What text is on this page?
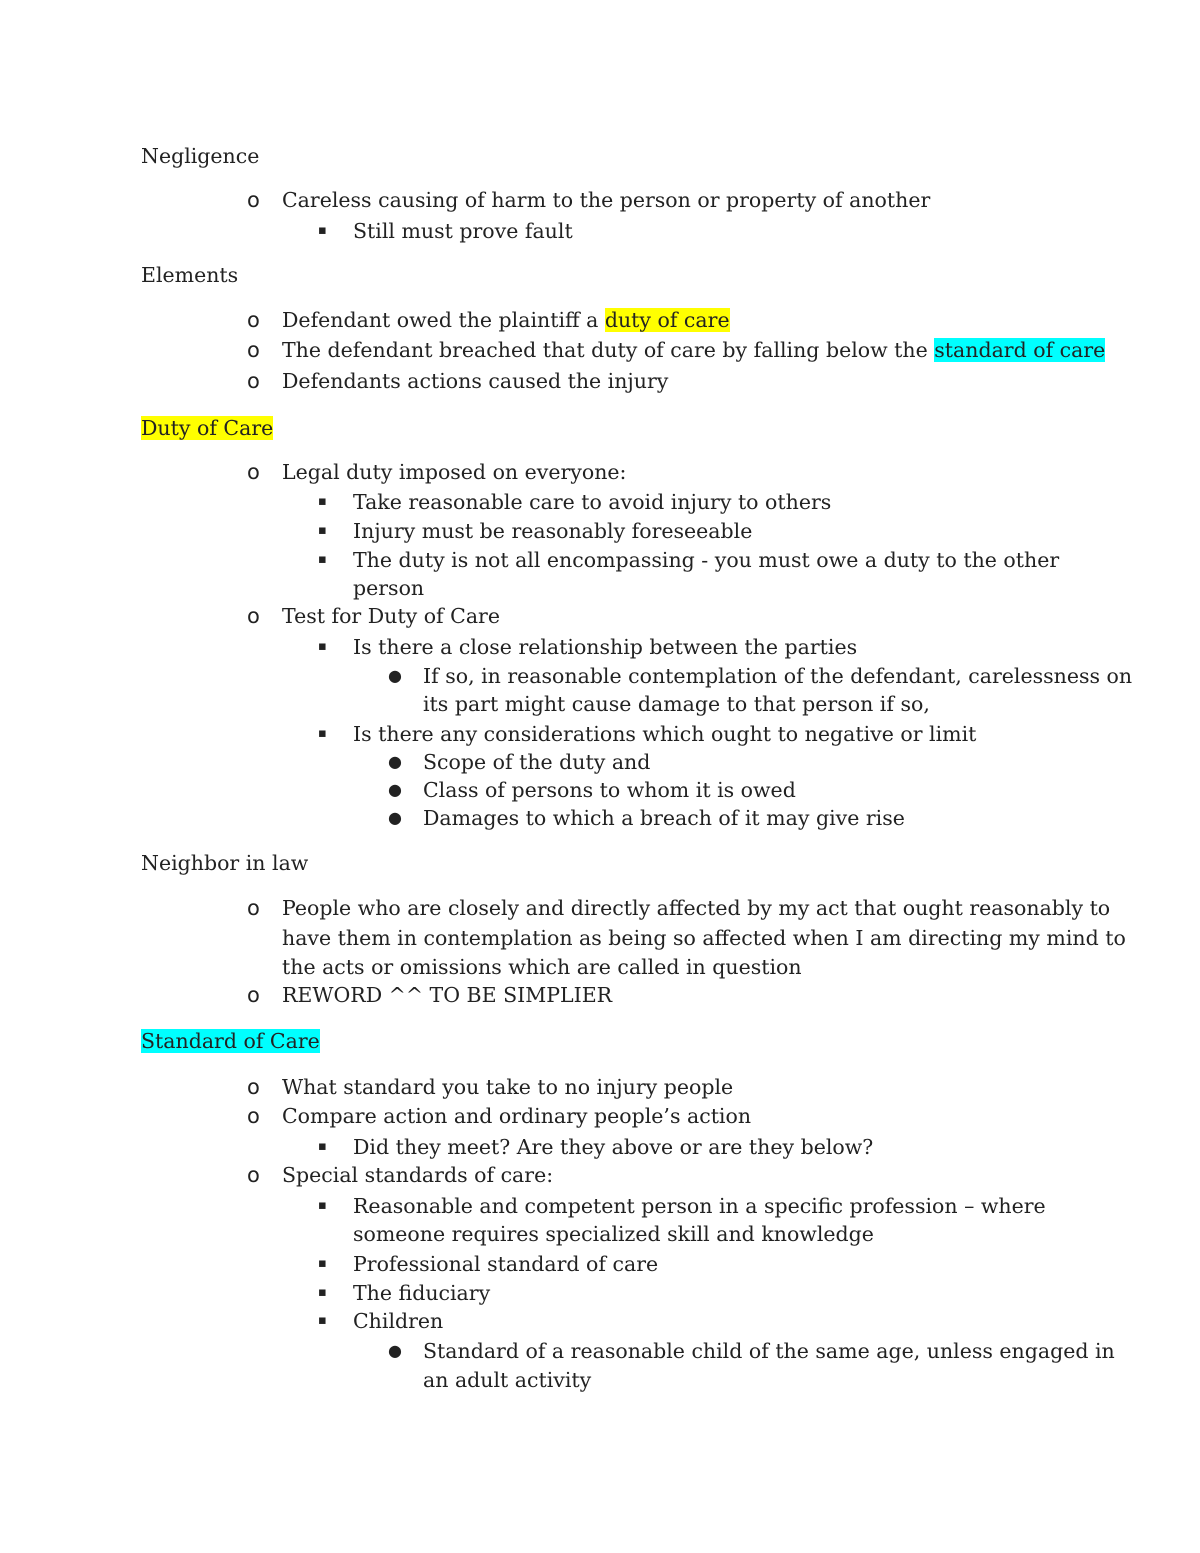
Negligence
o Careless causing of harm to the person or property of another
▪ Still must prove fault
Elements
o Defendant owed the plaintiff a duty of care
o The defendant breached that duty of care by falling below the standard of care
o Defendants actions caused the injury
Duty of Care
o Legal duty imposed on everyone:
▪ Take reasonable care to avoid injury to others
▪ Injury must be reasonably foreseeable
▪ The duty is not all encompassing - you must owe a duty to the other
person
o Test for Duty of Care
▪ Is there a close relationship between the parties
● If so, in reasonable contemplation of the defendant, carelessness on
its part might cause damage to that person if so,
▪ Is there any considerations which ought to negative or limit
● Scope of the duty and
● Class of persons to whom it is owed
● Damages to which a breach of it may give rise
Neighbor in law
o People who are closely and directly affected by my act that ought reasonably to
have them in contemplation as being so affected when I am directing my mind to
the acts or omissions which are called in question
o REWORD ^^ TO BE SIMPLIER
Standard of Care
o What standard you take to no injury people
o Compare action and ordinary people’s action
▪ Did they meet? Are they above or are they below?
o Special standards of care:
▪ Reasonable and competent person in a specific profession – where
someone requires specialized skill and knowledge
▪ Professional standard of care
▪ The fiduciary
▪ Children
● Standard of a reasonable child of the same age, unless engaged in
an adult activity
